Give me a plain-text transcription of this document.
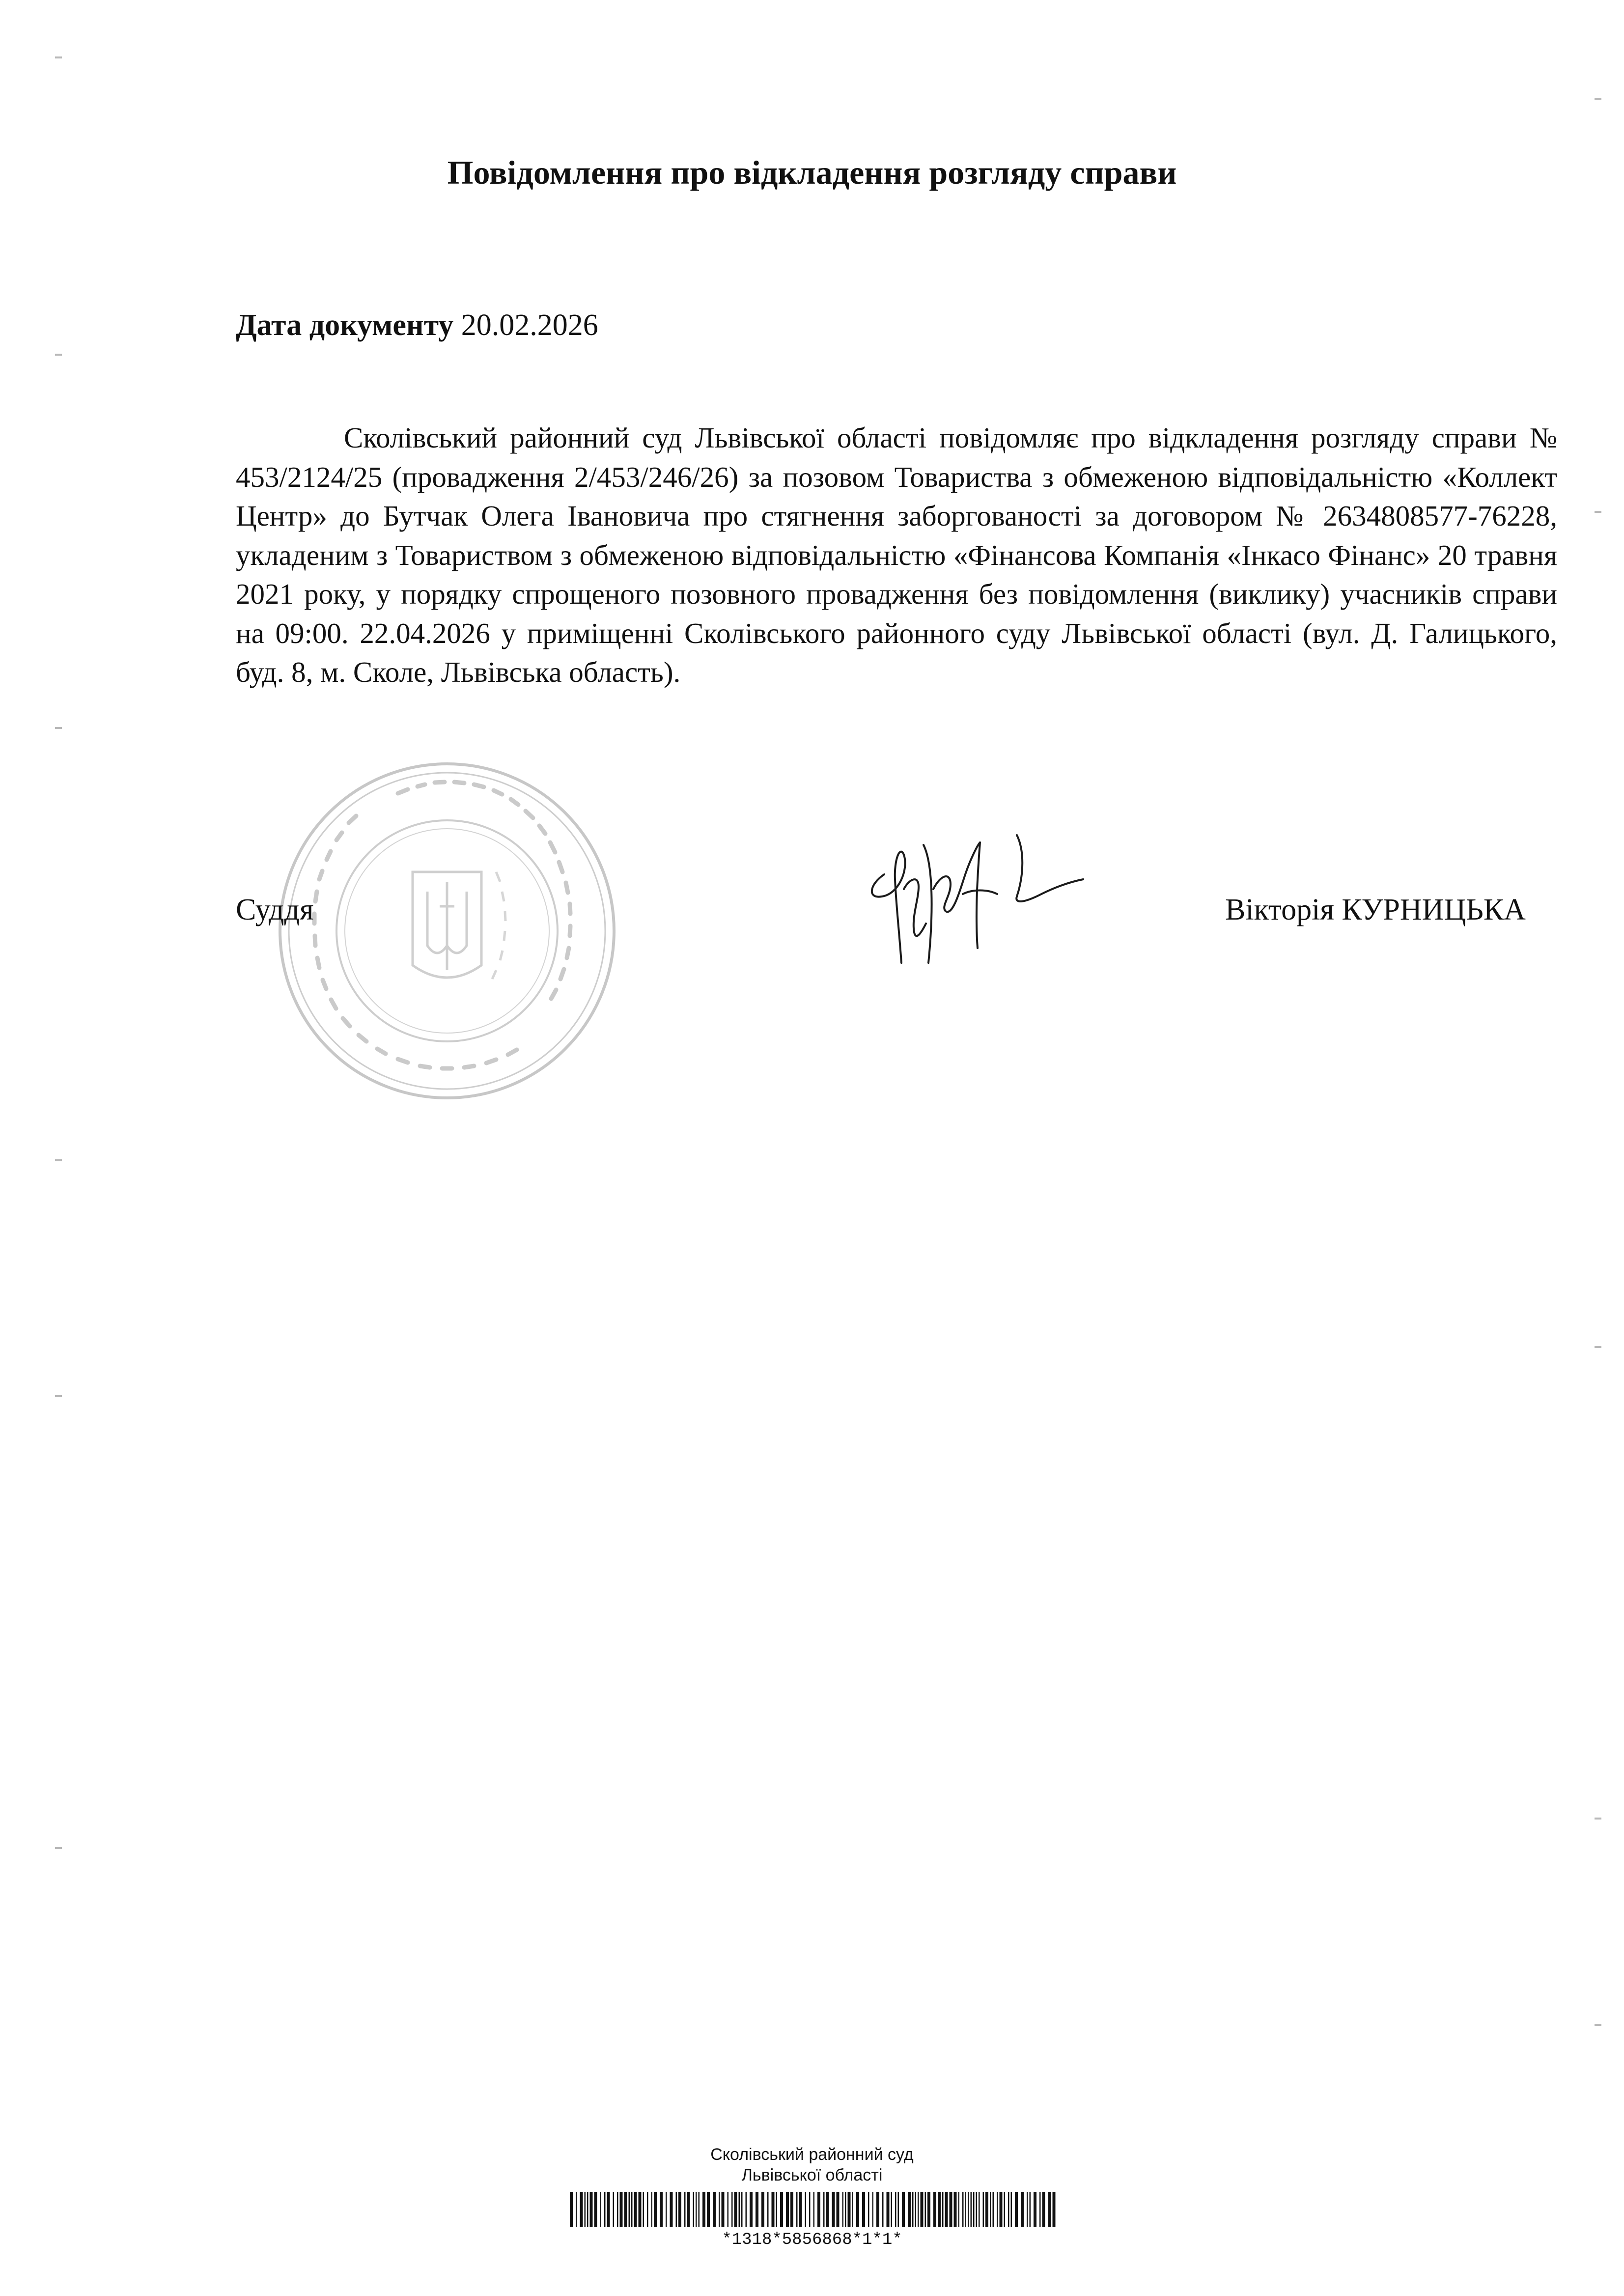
Повідомлення про відкладення розгляду справи
Дата документу 20.02.2026
Сколівський районний суд Львівської області повідомляє про відкладення розгляду справи № 453/2124/25 (провадження 2/453/246/26) за позовом Товариства з обмеженою відповідальністю «Коллект Центр» до Бутчак Олега Івановича про стягнення заборгованості за договором № 2634808577-76228, укладеним з Товариством з обмеженою відповідальністю «Фінансова Компанія «Інкасо Фінанс» 20 травня 2021 року, у порядку спрощеного позовного провадження без повідомлення (виклику) учасників справи на 09:00. 22.04.2026 у приміщенні Сколівського районного суду Львівської області (вул. Д. Галицького, буд. 8, м. Сколе, Львівська область).
Суддя	Вікторія КУРНИЦЬКА
Сколівський районний суд
Львівської області
*1318*5856868*1*1*
